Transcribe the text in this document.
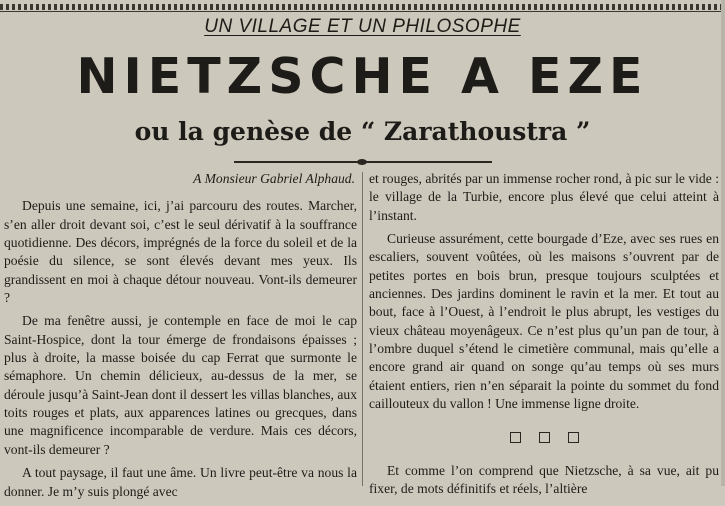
UN VILLAGE ET UN PHILOSOPHE
NIETZSCHE A EZE
ou la genèse de “ Zarathoustra ”
A Monsieur Gabriel Alphaud.

Depuis une semaine, ici, j’ai parcouru des routes. Marcher, s’en aller droit devant soi, c’est le seul dérivatif à la souffrance quotidienne. Des décors, imprégnés de la force du soleil et de la poésie du silence, se sont élevés devant mes yeux. Ils grandissent en moi à chaque détour nouveau. Vont-ils demeurer ?

De ma fenêtre aussi, je contemple en face de moi le cap Saint-Hospice, dont la tour émerge de frondaisons épaisses ; plus à droite, la masse boisée du cap Ferrat que surmonte le sémaphore. Un chemin délicieux, au-dessus de la mer, se déroule jusqu’à Saint-Jean dont il dessert les villas blanches, aux toits rouges et plats, aux apparences latines ou grecques, dans une magnificence incomparable de verdure. Mais ces décors, vont-ils demeurer ?

A tout paysage, il faut une âme. Un livre peut-être va nous la donner. Je m’y suis plongé avec

et rouges, abrités par un immense rocher rond, à pic sur le vide : le village de la Turbie, encore plus élevé que celui atteint à l’instant.

Curieuse assurément, cette bourgade d’Eze, avec ses rues en escaliers, souvent voûtées, où les maisons s’ouvrent par de petites portes en bois brun, presque toujours sculptées et anciennes. Des jardins dominent le ravin et la mer. Et tout au bout, face à l’Ouest, à l’endroit le plus abrupt, les vestiges du vieux château moyenâgeux. Ce n’est plus qu’un pan de tour, à l’ombre duquel s’étend le cimetière communal, mais qu’elle a encore grand air quand on songe qu’au temps où ses murs étaient entiers, rien n’en séparait la pointe du sommet du fond caillouteux du vallon ! Une immense ligne droite.

Et comme l’on comprend que Nietzsche, à sa vue, ait pu fixer, de mots définitifs et réels, l’altière
